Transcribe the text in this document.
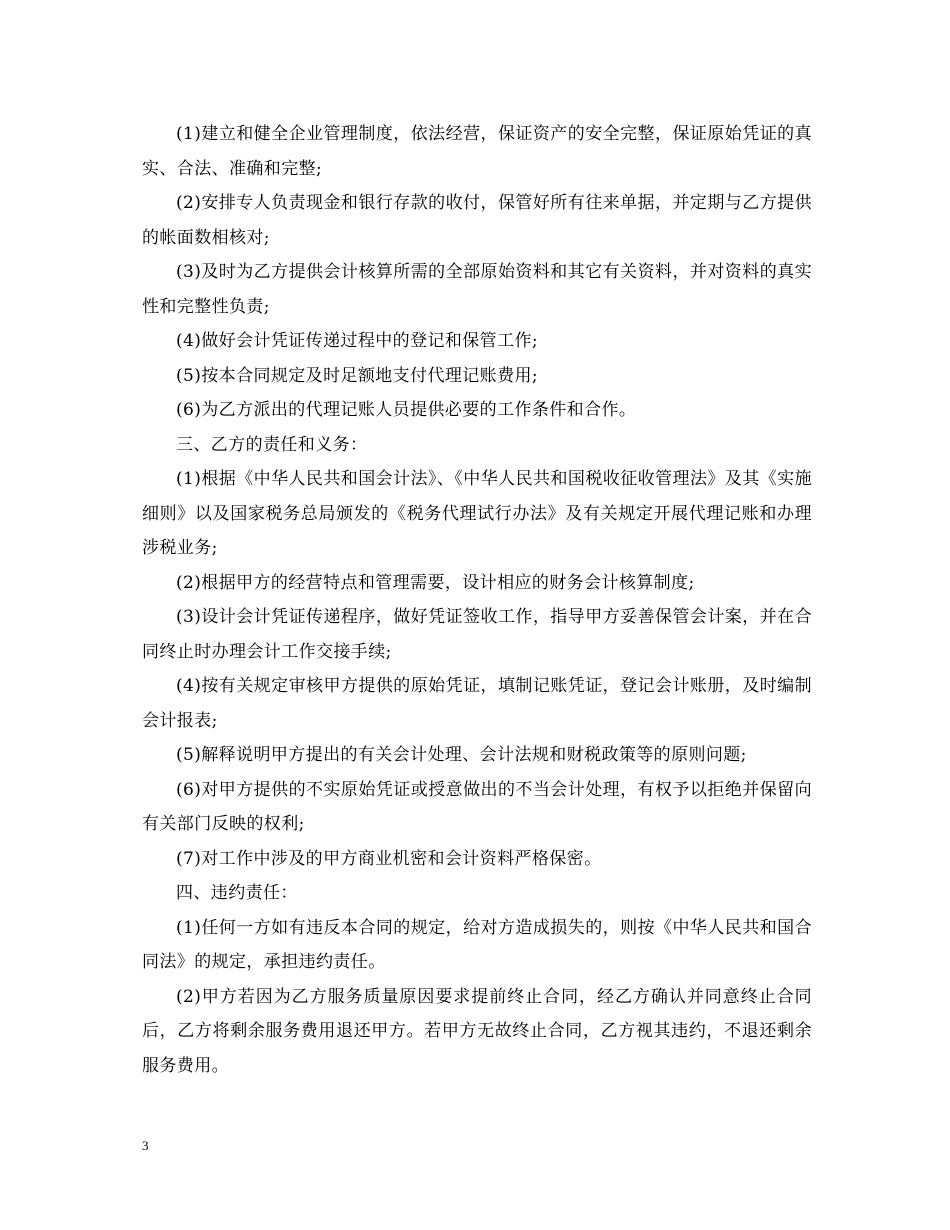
(1)建立和健全企业管理制度，依法经营，保证资产的安全完整，保证原始凭证的真实、合法、准确和完整;

(2)安排专人负责现金和银行存款的收付，保管好所有往来单据，并定期与乙方提供的帐面数相核对;

(3)及时为乙方提供会计核算所需的全部原始资料和其它有关资料，并对资料的真实性和完整性负责;

(4)做好会计凭证传递过程中的登记和保管工作;

(5)按本合同规定及时足额地支付代理记账费用;

(6)为乙方派出的代理记账人员提供必要的工作条件和合作。

三、乙方的责任和义务：

(1)根据《中华人民共和国会计法》、《中华人民共和国税收征收管理法》及其《实施细则》以及国家税务总局颁发的《税务代理试行办法》及有关规定开展代理记账和办理涉税业务;

(2)根据甲方的经营特点和管理需要，设计相应的财务会计核算制度;

(3)设计会计凭证传递程序，做好凭证签收工作，指导甲方妥善保管会计案，并在合同终止时办理会计工作交接手续;

(4)按有关规定审核甲方提供的原始凭证，填制记账凭证，登记会计账册，及时编制会计报表;

(5)解释说明甲方提出的有关会计处理、会计法规和财税政策等的原则问题;

(6)对甲方提供的不实原始凭证或授意做出的不当会计处理，有权予以拒绝并保留向有关部门反映的权利;

(7)对工作中涉及的甲方商业机密和会计资料严格保密。

四、违约责任：

(1)任何一方如有违反本合同的规定，给对方造成损失的，则按《中华人民共和国合同法》的规定，承担违约责任。

(2)甲方若因为乙方服务质量原因要求提前终止合同，经乙方确认并同意终止合同后，乙方将剩余服务费用退还甲方。若甲方无故终止合同，乙方视其违约，不退还剩余服务费用。

3
